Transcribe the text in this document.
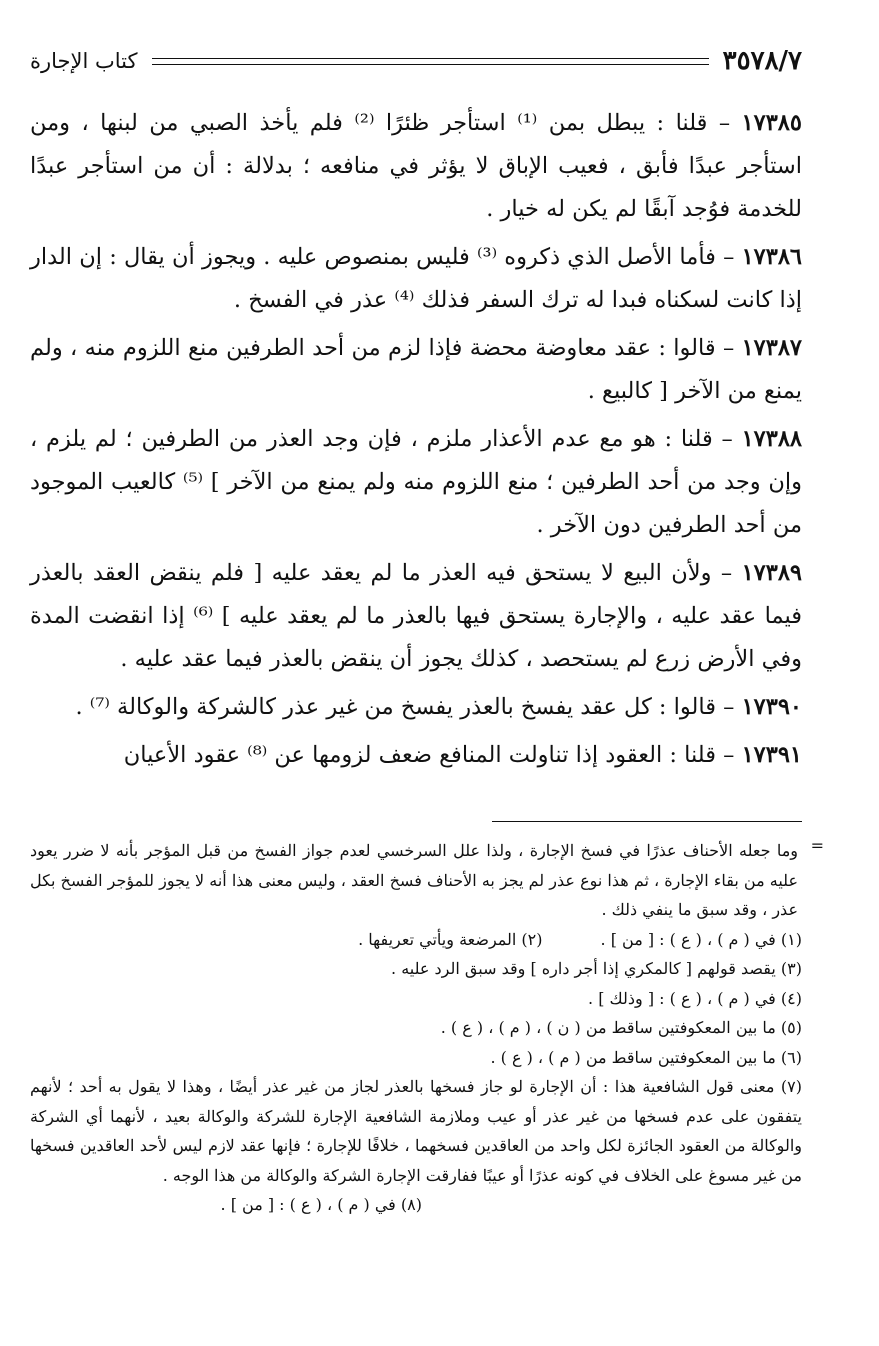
٣٥٧٨/٧
كتاب الإجارة

١٧٣٨٥ – قلنا : يبطل بمن ⁽¹⁾ استأجر ظئرًا ⁽²⁾ فلم يأخذ الصبي من لبنها ، ومن استأجر عبدًا فأبق ، فعيب الإباق لا يؤثر في منافعه ؛ بدلالة : أن من استأجر عبدًا للخدمة فوُجد آبقًا لم يكن له خيار .

١٧٣٨٦ – فأما الأصل الذي ذكروه ⁽³⁾ فليس بمنصوص عليه . ويجوز أن يقال : إن الدار إذا كانت لسكناه فبدا له ترك السفر فذلك ⁽⁴⁾ عذر في الفسخ .

١٧٣٨٧ – قالوا : عقد معاوضة محضة فإذا لزم من أحد الطرفين منع اللزوم منه ، ولم يمنع من الآخر [ كالبيع .

١٧٣٨٨ – قلنا : هو مع عدم الأعذار ملزم ، فإن وجد العذر من الطرفين ؛ لم يلزم ، وإن وجد من أحد الطرفين ؛ منع اللزوم منه ولم يمنع من الآخر ] ⁽⁵⁾ كالعيب الموجود من أحد الطرفين دون الآخر .

١٧٣٨٩ – ولأن البيع لا يستحق فيه العذر ما لم يعقد عليه [ فلم ينقض العقد بالعذر فيما عقد عليه ، والإجارة يستحق فيها بالعذر ما لم يعقد عليه ] ⁽⁶⁾ إذا انقضت المدة وفي الأرض زرع لم يستحصد ، كذلك يجوز أن ينقض بالعذر فيما عقد عليه .

١٧٣٩٠ – قالوا : كل عقد يفسخ بالعذر يفسخ من غير عذر كالشركة والوكالة ⁽⁷⁾ .

١٧٣٩١ – قلنا : العقود إذا تناولت المنافع ضعف لزومها عن ⁽⁸⁾ عقود الأعيان

=

وما جعله الأحناف عذرًا في فسخ الإجارة ، ولذا علل السرخسي لعدم جواز الفسخ من قبل المؤجر بأنه لا ضرر يعود عليه من بقاء الإجارة ، ثم هذا نوع عذر لم يجز به الأحناف فسخ العقد ، وليس معنى هذا أنه لا يجوز للمؤجر الفسخ بكل عذر ، وقد سبق ما ينفي ذلك .

(١) في ( م ) ، ( ع ) : [ من ] .

(٢) المرضعة ويأتي تعريفها .

(٣) يقصد قولهم [ كالمكري إذا أجر داره ] وقد سبق الرد عليه .

(٤) في ( م ) ، ( ع ) : [ وذلك ] .

(٥) ما بين المعكوفتين ساقط من ( ن ) ، ( م ) ، ( ع ) .

(٦) ما بين المعكوفتين ساقط من ( م ) ، ( ع ) .

(٧) معنى قول الشافعية هذا : أن الإجارة لو جاز فسخها بالعذر لجاز من غير عذر أيضًا ، وهذا لا يقول به أحد ؛ لأنهم يتفقون على عدم فسخها من غير عذر أو عيب وملازمة الشافعية الإجارة للشركة والوكالة بعيد ، لأنهما أي الشركة والوكالة من العقود الجائزة لكل واحد من العاقدين فسخهما ، خلافًا للإجارة ؛ فإنها عقد لازم ليس لأحد العاقدين فسخها من غير مسوغ على الخلاف في كونه عذرًا أو عيبًا ففارقت الإجارة الشركة والوكالة من هذا الوجه .

(٨) في ( م ) ، ( ع ) : [ من ] .
